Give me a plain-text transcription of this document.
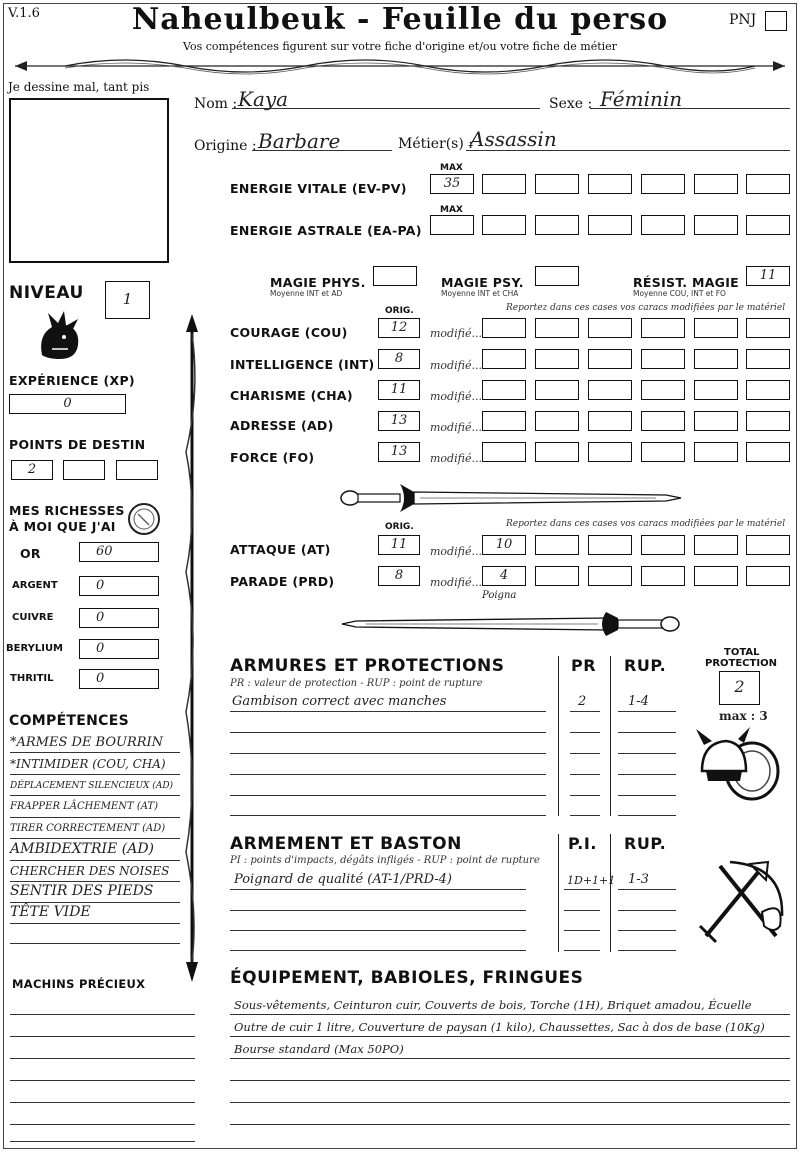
V.1.6	Naheulbeuk - Feuille du perso
Vos compétences figurent sur votre fiche d'origine et/ou votre fiche de métier
PNJ
Je dessine mal, tant pis
Nom : Kaya	Sexe : Féminin
Origine : Barbare	Métier(s) :
Assassin
MAX
ENERGIE VITALE (EV-PV)	35
MAX
ENERGIE ASTRALE (EA-PA)
MAGIE PHYS.
Moyenne INT et AD
MAGIE PSY.
Moyenne INT et CHA
RÉSIST. MAGIE
Moyenne COU, INT et FO
11
NIVEAU	1
EXPÉRIENCE (XP)
0
POINTS DE DESTIN
2
MES RICHESSES
À MOI QUE J'AI
OR	60
ARGENT	0
CUIVRE	0
BERYLIUM	0
THRITIL	0
COMPÉTENCES
*ARMES DE BOURRIN
*INTIMIDER (COU, CHA)
DÉPLACEMENT SILENCIEUX (AD)
FRAPPER LÂCHEMENT (AT)
TIRER CORRECTEMENT (AD)
AMBIDEXTRIE (AD)
CHERCHER DES NOISES
SENTIR DES PIEDS
TÊTE VIDE
MACHINS PRÉCIEUX
ORIG.	Reportez dans ces cases vos caracs modifiées par le matériel
COURAGE (COU)	12	modifié...
INTELLIGENCE (INT)	8	modifié...
CHARISME (CHA)	11	modifié...
ADRESSE (AD)	13	modifié...
FORCE (FO)	13	modifié...
ORIG.	Reportez dans ces cases vos caracs modifiées par le matériel
ATTAQUE (AT)	11	modifié...	10
PARADE (PRD)	8	modifié...	4
Poigna
ARMURES ET PROTECTIONS
PR : valeur de protection - RUP : point de rupture
PR RUP.
Gambison correct avec manches	2	1-4
TOTAL
PROTECTION
2
max : 3
ARMEMENT ET BASTON
PI : points d'impacts, dégâts infligés - RUP : point de rupture
P.I. RUP.
Poignard de qualité (AT-1/PRD-4)	1D+1+1 1-3
ÉQUIPEMENT, BABIOLES, FRINGUES
Sous-vêtements, Ceinturon cuir, Couverts de bois, Torche (1H), Briquet amadou, Écuelle
Outre de cuir 1 litre, Couverture de paysan (1 kilo), Chaussettes, Sac à dos de base (10Kg)
Bourse standard (Max 50PO)
